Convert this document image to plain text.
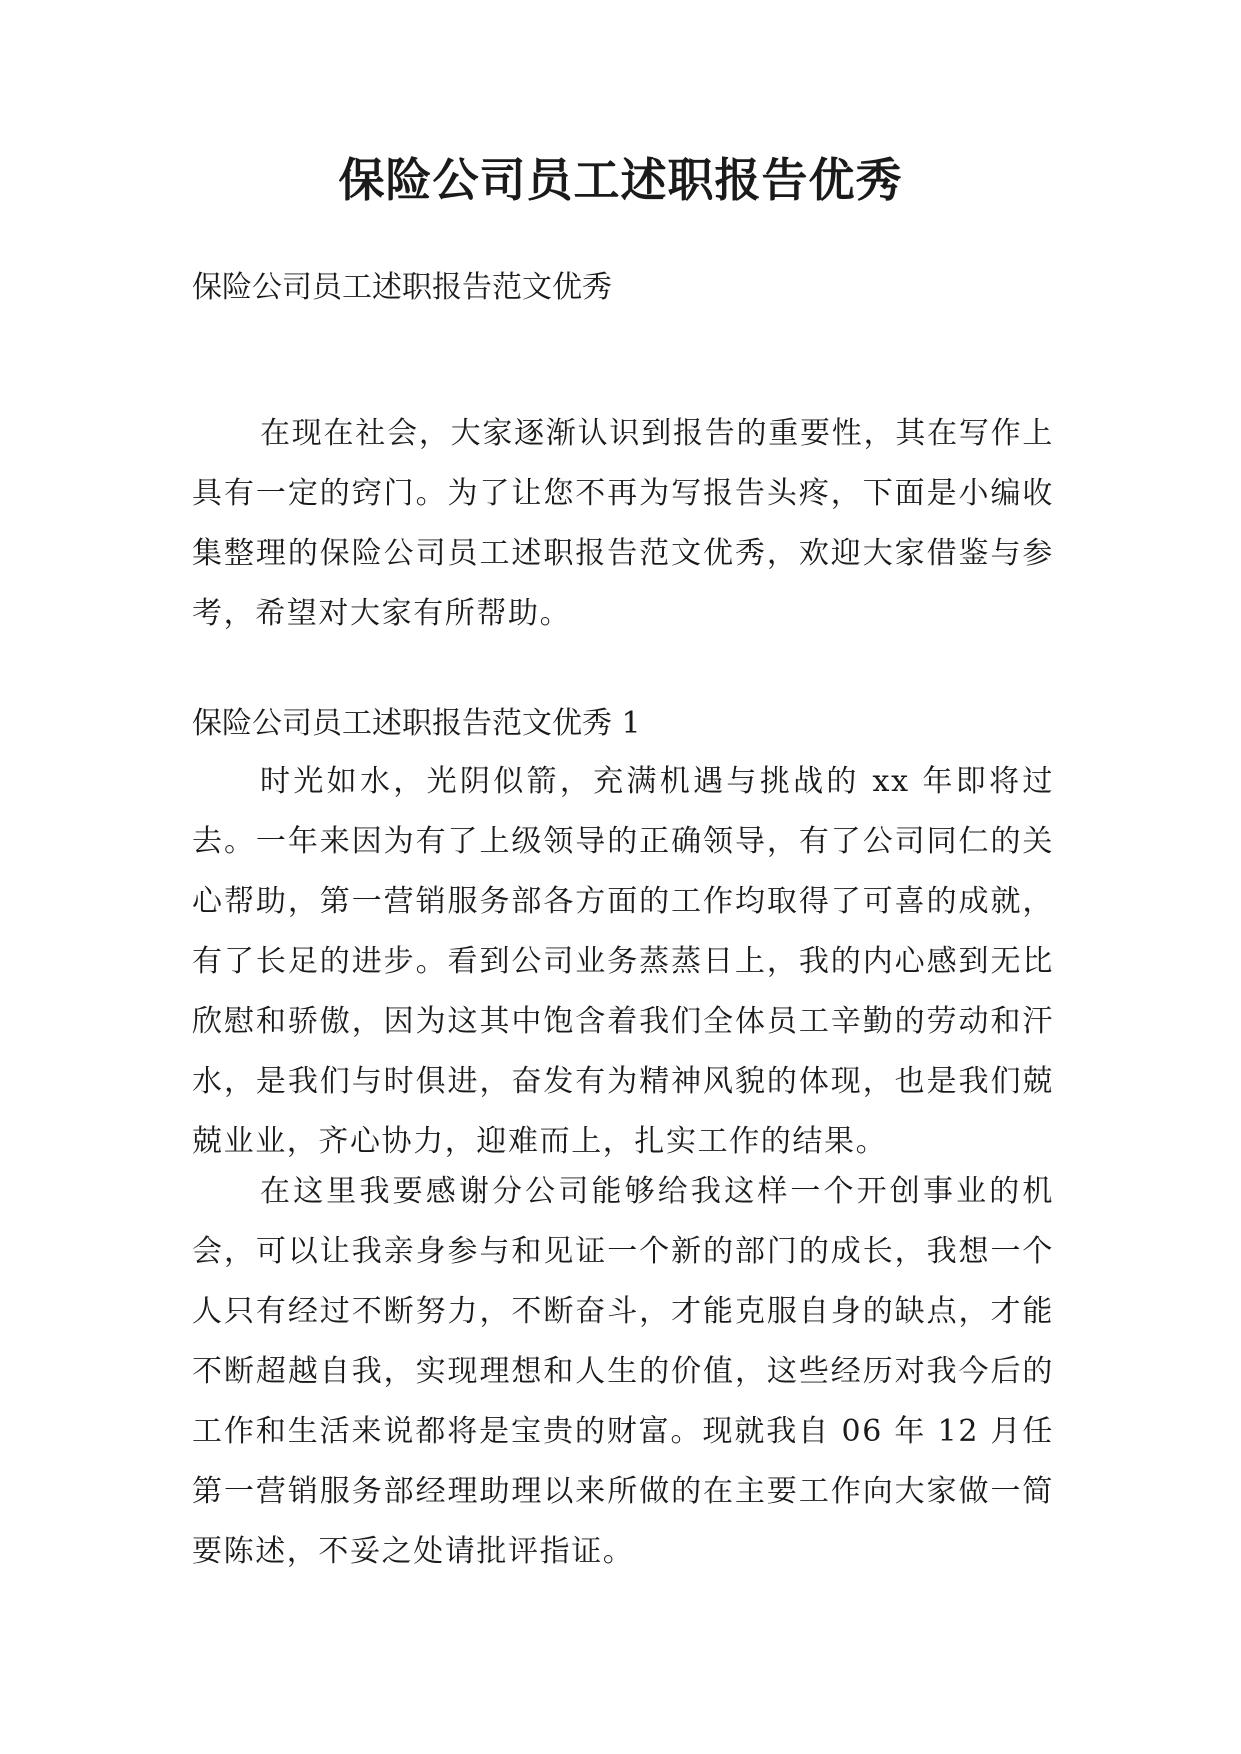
保险公司员工述职报告优秀

保险公司员工述职报告范文优秀

在现在社会，大家逐渐认识到报告的重要性，其在写作上具有一定的窍门。为了让您不再为写报告头疼，下面是小编收集整理的保险公司员工述职报告范文优秀，欢迎大家借鉴与参考，希望对大家有所帮助。

保险公司员工述职报告范文优秀 1

时光如水，光阴似箭，充满机遇与挑战的 xx 年即将过去。一年来因为有了上级领导的正确领导，有了公司同仁的关心帮助，第一营销服务部各方面的工作均取得了可喜的成就，有了长足的进步。看到公司业务蒸蒸日上，我的内心感到无比欣慰和骄傲，因为这其中饱含着我们全体员工辛勤的劳动和汗水，是我们与时俱进，奋发有为精神风貌的体现，也是我们兢兢业业，齐心协力，迎难而上，扎实工作的结果。

在这里我要感谢分公司能够给我这样一个开创事业的机会，可以让我亲身参与和见证一个新的部门的成长，我想一个人只有经过不断努力，不断奋斗，才能克服自身的缺点，才能不断超越自我，实现理想和人生的价值，这些经历对我今后的工作和生活来说都将是宝贵的财富。现就我自 06 年 12 月任第一营销服务部经理助理以来所做的在主要工作向大家做一简要陈述，不妥之处请批评指证。
